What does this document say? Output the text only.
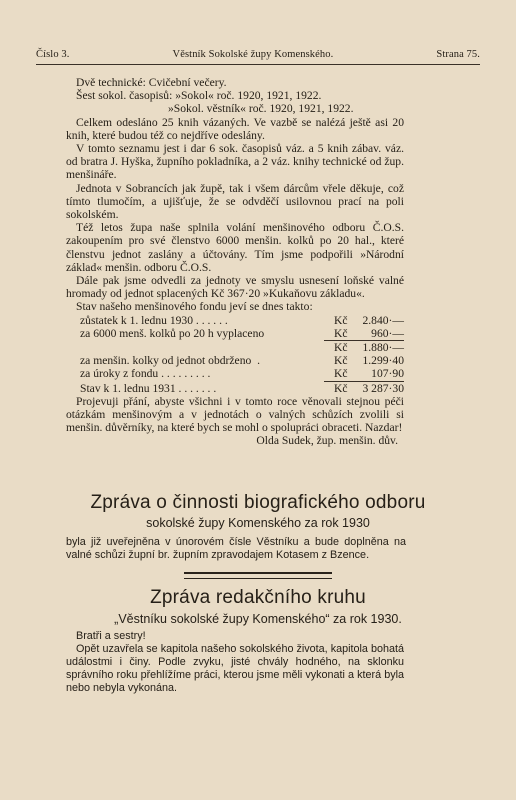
Číslo 3.	Věstník Sokolské župy Komenského.	Strana 75.

Dvě technické: Cvičební večery.

Šest sokol. časopisů: »Sokol« roč. 1920, 1921, 1922.

»Sokol. věstník« roč. 1920, 1921, 1922.

Celkem odesláno 25 knih vázaných. Ve vazbě se nalézá ještě asi 20 knih, které budou též co nejdříve odeslány.

V tomto seznamu jest i dar 6 sok. časopisů váz. a 5 knih zábav. váz. od bratra J. Hyška, župního pokladníka, a 2 váz. knihy technické od žup. menšináře.

Jednota v Sobrancích jak župě, tak i všem dárcům vřele děkuje, což tímto tlumočím, a ujišťuje, že se odvděčí usilovnou prací na poli sokolském.

Též letos župa naše splnila volání menšinového odboru Č.O.S. zakoupením pro své členstvo 6000 menšin. kolků po 20 hal., které členstvu jednot zaslány a účtovány. Tím jsme podpořili »Národní základ« menšin. odboru Č.O.S.

Dále pak jsme odvedli za jednoty ve smyslu usnesení loňské valné hromady od jednot splacených Kč 367·20 »Kukaňovu základu«.

Stav našeho menšinového fondu jeví se dnes takto:

zůstatek k 1. lednu 1930 . . . . . .	Kč	2.840·—
za 6000 menš. kolků po 20 h vyplaceno	Kč	960·—
Kč	1.880·—
za menšin. kolky od jednot obdrženo  .	Kč	1.299·40
za úroky z fondu . . . . . . . . .	Kč	107·90
Stav k 1. lednu 1931 . . . . . . .	Kč	3 287·30

Projevuji přání, abyste všichni i v tomto roce věnovali stejnou péči otázkám menšinovým a v jednotách o valných schůzích zvolili si menšin. důvěrníky, na které bych se mohl o spolupráci obraceti. Nazdar!

Olda Sudek, žup. menšin. dův.

Zpráva o činnosti biografického odboru
sokolské župy Komenského za rok 1930
byla již uveřejněna v únorovém čísle Věstníku a bude doplněna na valné schůzi župní br. župním zpravodajem Kotasem z Bzence.
Zpráva redakčního kruhu
„Věstníku sokolské župy Komenského“ za rok 1930.

Bratři a sestry!

Opět uzavřela se kapitola našeho sokolského života, kapitola bohatá událostmi i činy. Podle zvyku, jisté chvály hodného, na sklonku správního roku přehlížíme práci, kterou jsme měli vykonati a která byla nebo nebyla vykonána.
